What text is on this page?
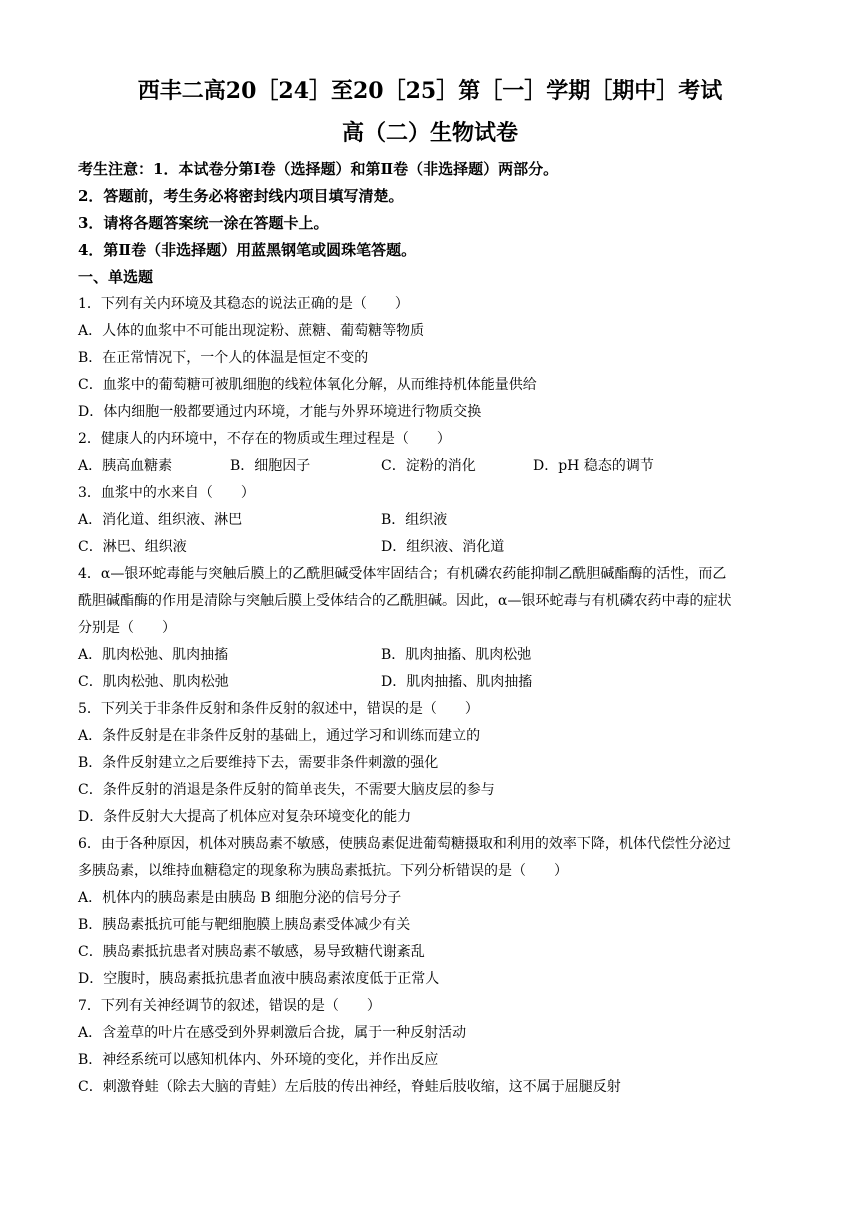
西丰二高20［24］至20［25］第［一］学期［期中］考试
高（二）生物试卷
考生注意：1．本试卷分第Ⅰ卷（选择题）和第Ⅱ卷（非选择题）两部分。
2．答题前，考生务必将密封线内项目填写清楚。
3．请将各题答案统一涂在答题卡上。
4．第Ⅱ卷（非选择题）用蓝黑钢笔或圆珠笔答题。
一、单选题
1．下列有关内环境及其稳态的说法正确的是（　　）
A．人体的血浆中不可能出现淀粉、蔗糖、葡萄糖等物质
B．在正常情况下，一个人的体温是恒定不变的
C．血浆中的葡萄糖可被肌细胞的线粒体氧化分解，从而维持机体能量供给
D．体内细胞一般都要通过内环境，才能与外界环境进行物质交换
2．健康人的内环境中，不存在的物质或生理过程是（　　）
A．胰高血糖素	B．细胞因子	C．淀粉的消化	D．pH 稳态的调节
3．血浆中的水来自（　　）
A．消化道、组织液、淋巴	B．组织液
C．淋巴、组织液	D．组织液、消化道
4．α—银环蛇毒能与突触后膜上的乙酰胆碱受体牢固结合；有机磷农药能抑制乙酰胆碱酯酶的活性，而乙
酰胆碱酯酶的作用是清除与突触后膜上受体结合的乙酰胆碱。因此，α—银环蛇毒与有机磷农药中毒的症状
分别是（　　）
A．肌肉松弛、肌肉抽搐	B．肌肉抽搐、肌肉松弛
C．肌肉松弛、肌肉松弛	D．肌肉抽搐、肌肉抽搐
5．下列关于非条件反射和条件反射的叙述中，错误的是（　　）
A．条件反射是在非条件反射的基础上，通过学习和训练而建立的
B．条件反射建立之后要维持下去，需要非条件刺激的强化
C．条件反射的消退是条件反射的简单丧失，不需要大脑皮层的参与
D．条件反射大大提高了机体应对复杂环境变化的能力
6．由于各种原因，机体对胰岛素不敏感，使胰岛素促进葡萄糖摄取和利用的效率下降，机体代偿性分泌过
多胰岛素，以维持血糖稳定的现象称为胰岛素抵抗。下列分析错误的是（　　）
A．机体内的胰岛素是由胰岛 B 细胞分泌的信号分子
B．胰岛素抵抗可能与靶细胞膜上胰岛素受体减少有关
C．胰岛素抵抗患者对胰岛素不敏感，易导致糖代谢紊乱
D．空腹时，胰岛素抵抗患者血液中胰岛素浓度低于正常人
7．下列有关神经调节的叙述，错误的是（　　）
A．含羞草的叶片在感受到外界刺激后合拢，属于一种反射活动
B．神经系统可以感知机体内、外环境的变化，并作出反应
C．刺激脊蛙（除去大脑的青蛙）左后肢的传出神经，脊蛙后肢收缩，这不属于屈腿反射
